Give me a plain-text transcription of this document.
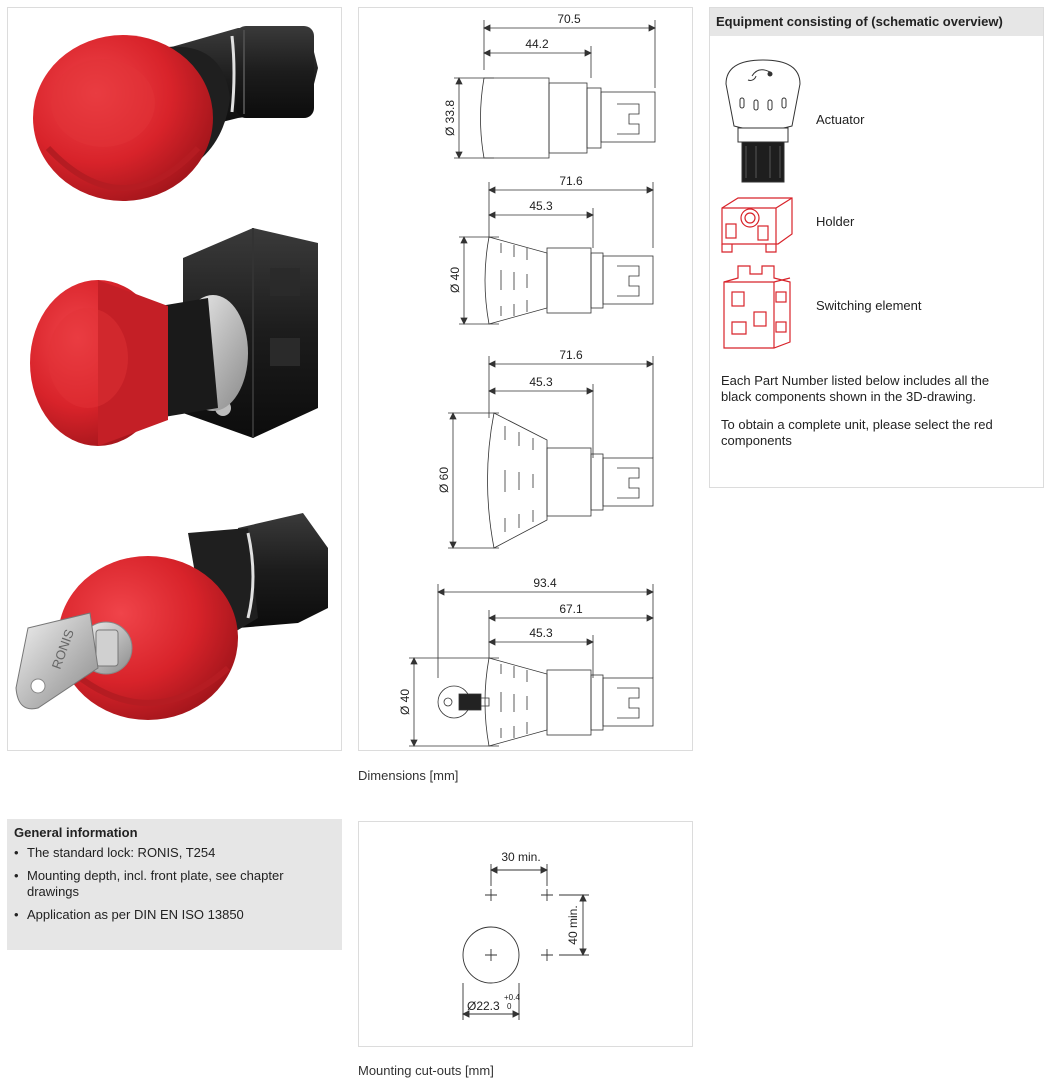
RONIS
70.5
44.2
Ø 33.8
71.6
45.3
Ø 40
71.6
45.3
Ø 60
93.4
67.1
45.3
Ø 40
Dimensions [mm]
Equipment consisting of (schematic overview)
Actuator
Holder
Switching element
Each Part Number listed below includes all the black components shown in the 3D-drawing.
To obtain a complete unit, please select the red components
General information
• The standard lock: RONIS, T254
• Mounting depth, incl. front plate, see chapter drawings
• Application as per DIN EN ISO 13850
30 min.
40 min.
Ø22.3
+0.4
0
Mounting cut-outs [mm]
